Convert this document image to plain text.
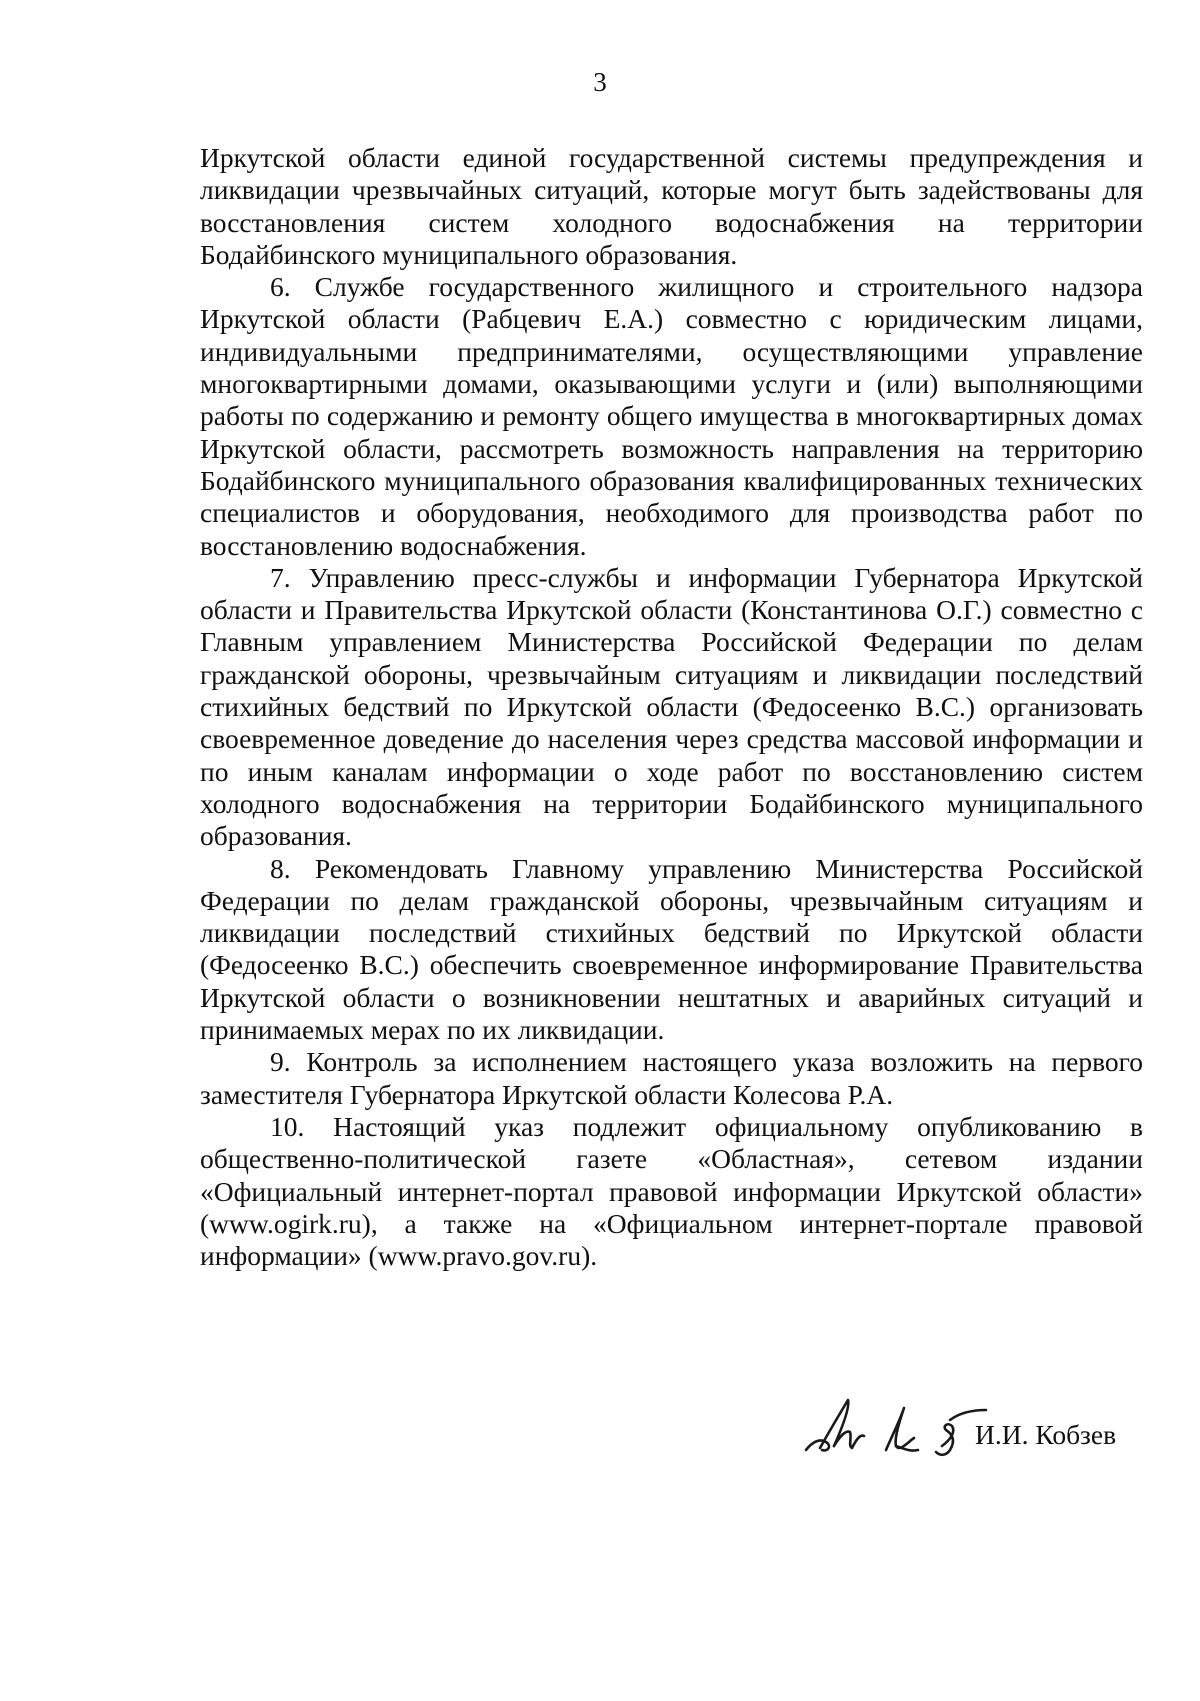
3

Иркутской области единой государственной системы предупреждения и ликвидации чрезвычайных ситуаций, которые могут быть задействованы для восстановления систем холодного водоснабжения на территории Бодайбинского муниципального образования.

6. Службе государственного жилищного и строительного надзора Иркутской области (Рабцевич Е.А.) совместно с юридическим лицами, индивидуальными предпринимателями, осуществляющими управление многоквартирными домами, оказывающими услуги и (или) выполняющими работы по содержанию и ремонту общего имущества в многоквартирных домах Иркутской области, рассмотреть возможность направления на территорию Бодайбинского муниципального образования квалифицированных технических специалистов и оборудования, необходимого для производства работ по восстановлению водоснабжения.

7. Управлению пресс-службы и информации Губернатора Иркутской области и Правительства Иркутской области (Константинова О.Г.) совместно с Главным управлением Министерства Российской Федерации по делам гражданской обороны, чрезвычайным ситуациям и ликвидации последствий стихийных бедствий по Иркутской области (Федосеенко В.С.) организовать своевременное доведение до населения через средства массовой информации и по иным каналам информации о ходе работ по восстановлению систем холодного водоснабжения на территории Бодайбинского муниципального образования.

8. Рекомендовать Главному управлению Министерства Российской Федерации по делам гражданской обороны, чрезвычайным ситуациям и ликвидации последствий стихийных бедствий по Иркутской области (Федосеенко В.С.) обеспечить своевременное информирование Правительства Иркутской области о возникновении нештатных и аварийных ситуаций и принимаемых мерах по их ликвидации.

9. Контроль за исполнением настоящего указа возложить на первого заместителя Губернатора Иркутской области Колесова Р.А.

10. Настоящий указ подлежит официальному опубликованию в общественно-политической газете «Областная», сетевом издании «Официальный интернет-портал правовой информации Иркутской области» (www.ogirk.ru), а также на «Официальном интернет-портале правовой информации» (www.pravo.gov.ru).

И.И. Кобзев
